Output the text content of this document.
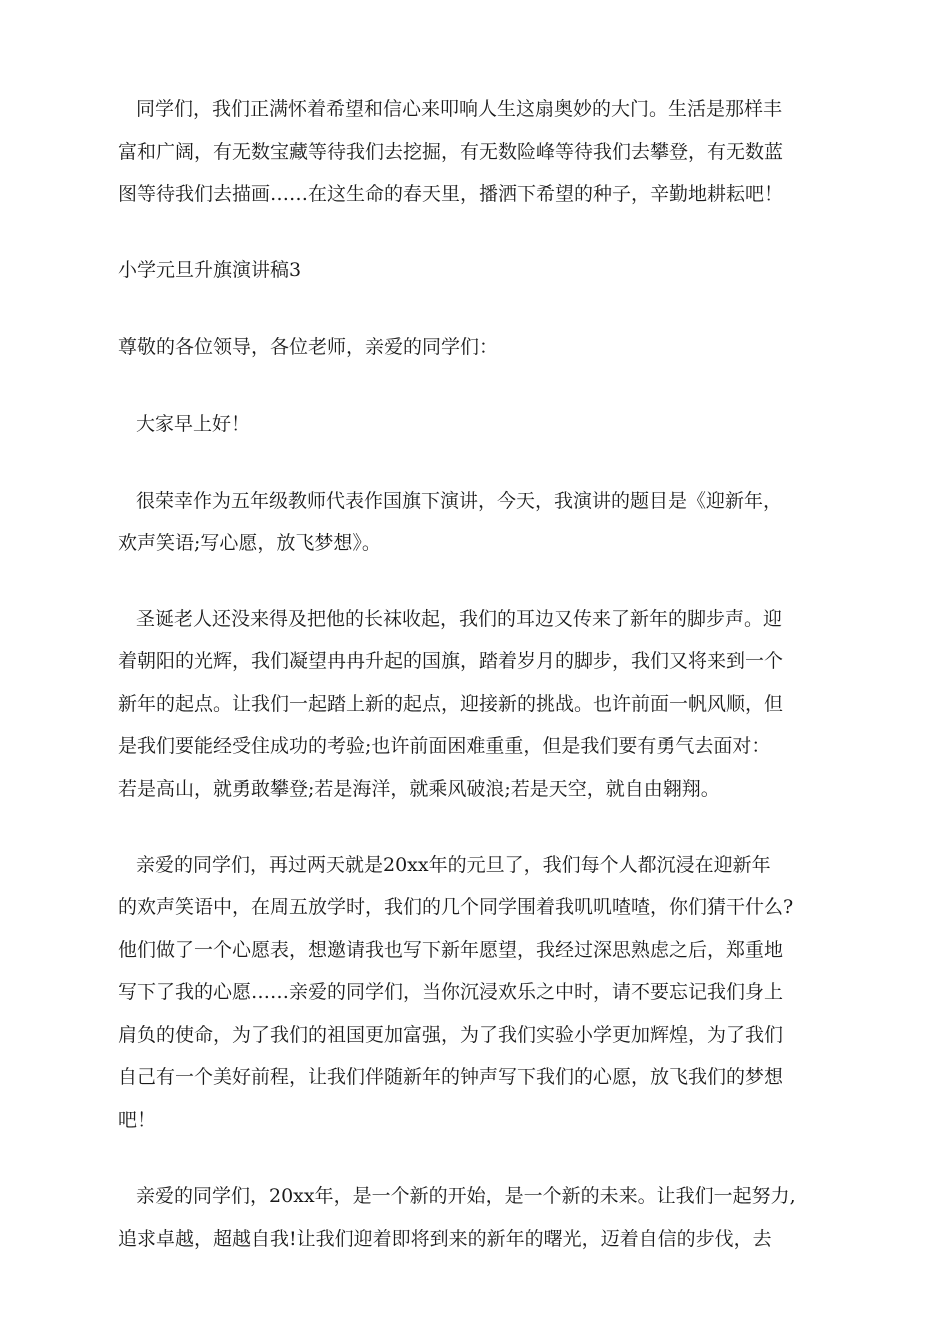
同学们，我们正满怀着希望和信心来叩响人生这扇奥妙的大门。生活是那样丰
富和广阔，有无数宝藏等待我们去挖掘，有无数险峰等待我们去攀登，有无数蓝
图等待我们去描画……在这生命的春天里，播洒下希望的种子，辛勤地耕耘吧！
小学元旦升旗演讲稿3
尊敬的各位领导，各位老师，亲爱的同学们：
大家早上好！
很荣幸作为五年级教师代表作国旗下演讲，今天，我演讲的题目是《迎新年，
欢声笑语;写心愿，放飞梦想》。
圣诞老人还没来得及把他的长袜收起，我们的耳边又传来了新年的脚步声。迎
着朝阳的光辉，我们凝望冉冉升起的国旗，踏着岁月的脚步，我们又将来到一个
新年的起点。让我们一起踏上新的起点，迎接新的挑战。也许前面一帆风顺，但
是我们要能经受住成功的考验;也许前面困难重重，但是我们要有勇气去面对：
若是高山，就勇敢攀登;若是海洋，就乘风破浪;若是天空，就自由翱翔。
亲爱的同学们，再过两天就是20xx年的元旦了，我们每个人都沉浸在迎新年
的欢声笑语中，在周五放学时，我们的几个同学围着我叽叽喳喳，你们猜干什么?
他们做了一个心愿表，想邀请我也写下新年愿望，我经过深思熟虑之后，郑重地
写下了我的心愿……亲爱的同学们，当你沉浸欢乐之中时，请不要忘记我们身上
肩负的使命，为了我们的祖国更加富强，为了我们实验小学更加辉煌，为了我们
自己有一个美好前程，让我们伴随新年的钟声写下我们的心愿，放飞我们的梦想
吧！
亲爱的同学们，20xx年，是一个新的开始，是一个新的未来。让我们一起努力,
追求卓越，超越自我!让我们迎着即将到来的新年的曙光，迈着自信的步伐，去
